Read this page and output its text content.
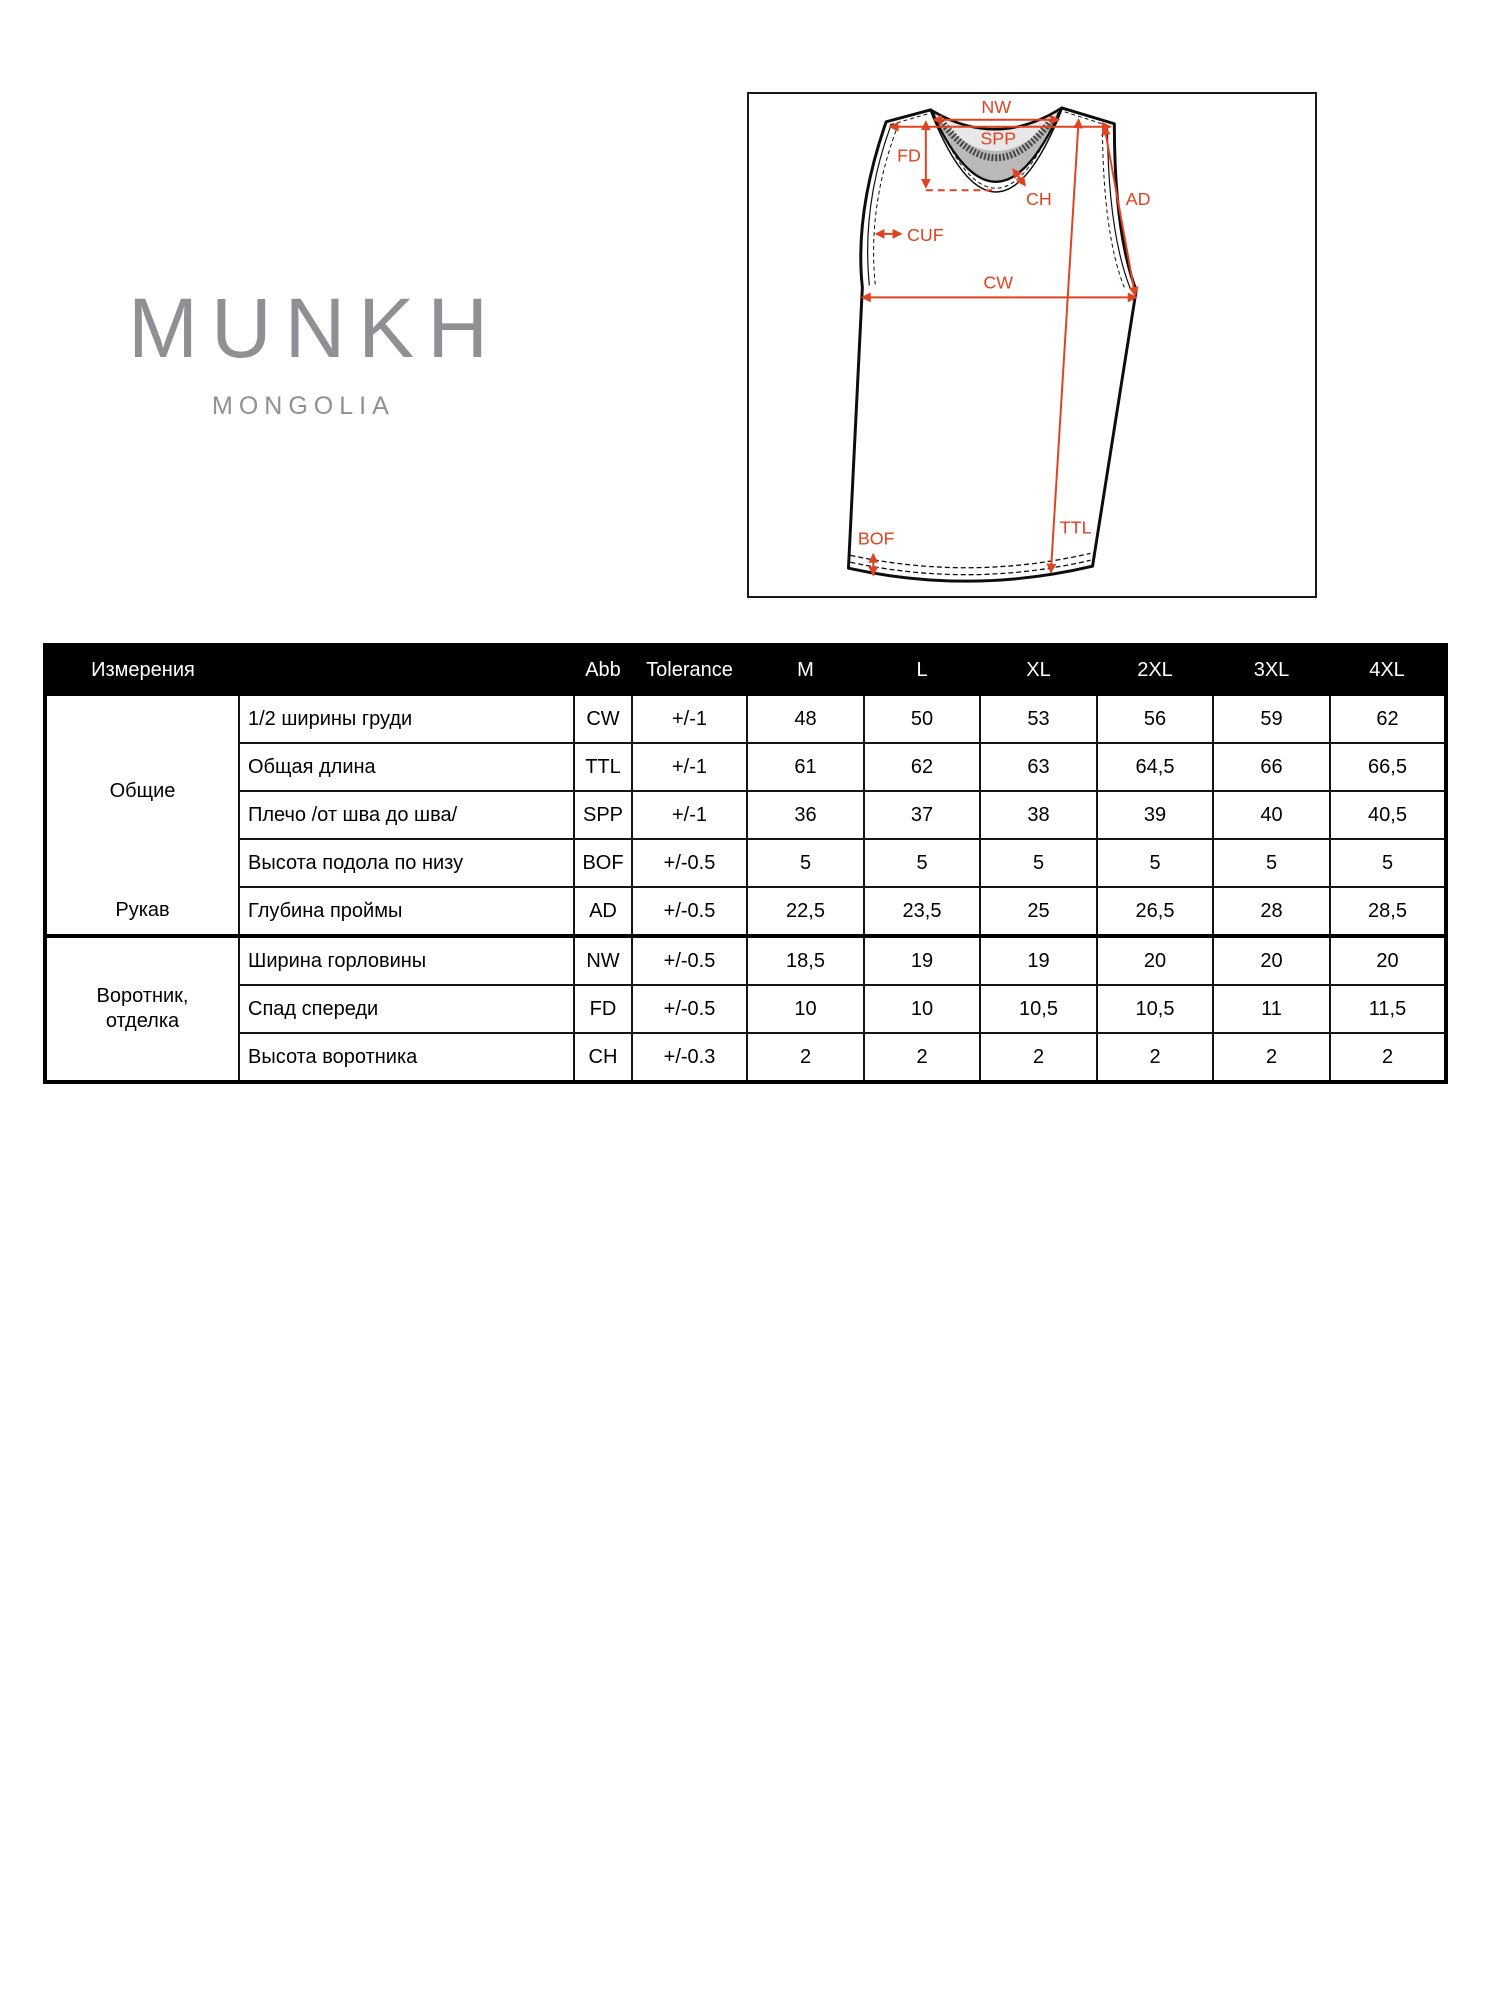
MUNKH
MONGOLIA
NW
SPP
FD
CH	AD
CUF
CW
TTL
BOF
Измерения		Abb	Tolerance	M	L	XL	2XL	3XL	4XL
Общие	1/2 ширины груди	CW	+/-1	48	50	53	56	59	62
	Общая длина	TTL	+/-1	61	62	63	64,5	66	66,5
	Плечо /от шва до шва/	SPP	+/-1	36	37	38	39	40	40,5
	Высота подола по низу	BOF	+/-0.5	5	5	5	5	5	5
Рукав	Глубина проймы	AD	+/-0.5	22,5	23,5	25	26,5	28	28,5
Воротник, отделка	Ширина горловины	NW	+/-0.5	18,5	19	19	20	20	20
	Спад спереди	FD	+/-0.5	10	10	10,5	10,5	11	11,5
	Высота воротника	CH	+/-0.3	2	2	2	2	2	2
